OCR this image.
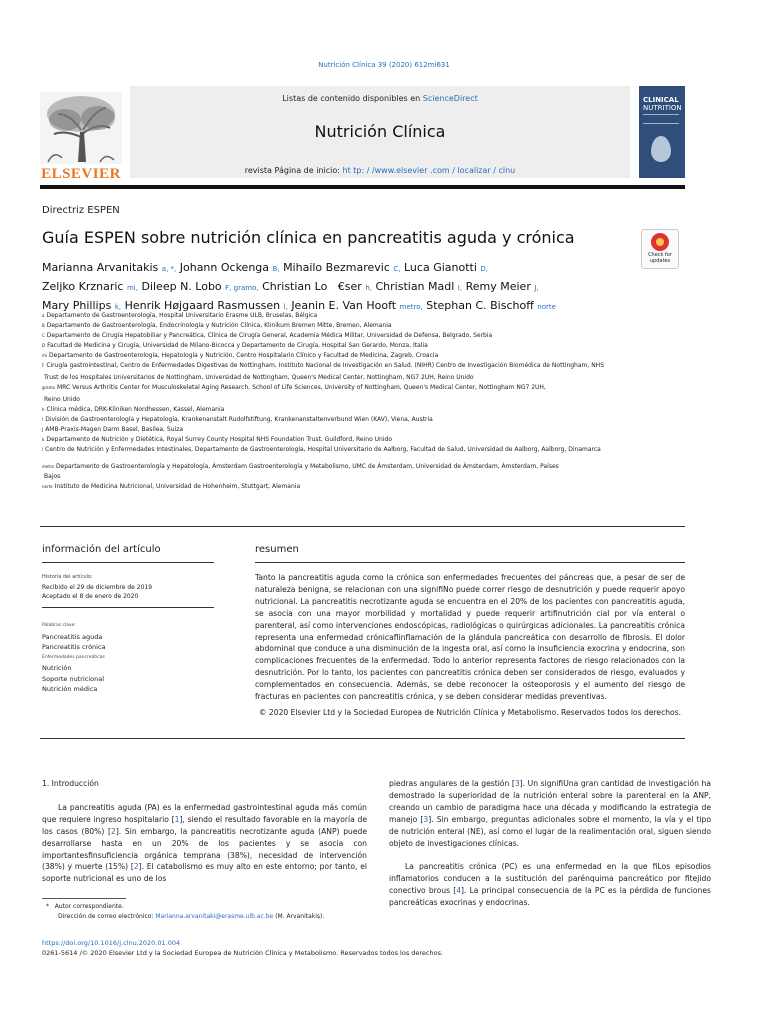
Nutrición Clínica 39 (2020) 612mi631
ELSEVIER
Listas de contenido disponibles en ScienceDirect
Nutrición Clínica
revista Página de inicio: ht tp: / /www.elsevier .com / localizar / clnu
CLINICAL
NUTRITION
Directriz ESPEN
Guía ESPEN sobre nutrición clínica en pancreatitis aguda y crónica
Check for updates
Marianna Arvanitakis a, *, Johann Ockenga B, Mihailo Bezmarevic C, Luca Gianotti D,
Zeljko Krznaric mi, Dileep N. Lobo F, gramo, Christian Lo   €ser h, Christian Madl I, Remy Meier J,
Mary Phillips k, Henrik Højgaard Rasmussen l, Jeanin E. Van Hooft metro, Stephan C. Bischoff norte
a Departamento de Gastroenterología, Hospital Universitario Erasme ULB, Bruselas, Bélgica
B Departamento de Gastroenterología, Endocrinología y Nutrición Clínica, Klinikum Bremen Mitte, Bremen, Alemania
C Departamento de Cirugía Hepatobiliar y Pancreática, Clínica de Cirugía General, Academia Médica Militar, Universidad de Defensa, Belgrado, Serbia
D Facultad de Medicina y Cirugía, Universidad de Milano-Bicocca y Departamento de Cirugía, Hospital San Gerardo, Monza, Italia
mi Departamento de Gastroenterología, Hepatología y Nutrición, Centro Hospitalario Clínico y Facultad de Medicina, Zagreb, Croacia
F Cirugía gastrointestinal, Centro de Enfermedades Digestivas de Nottingham, Instituto Nacional de Investigación en Salud. (NIHR) Centro de Investigación Biomédica de Nottingham, NHS
Trust de los Hospitales Universitarios de Nottingham, Universidad de Nottingham, Queen's Medical Center, Nottingham, NG7 2UH, Reino Unido
gramo MRC Versus Arthritis Center for Musculoskeletal Aging Research, School of Life Sciences, University of Nottingham, Queen's Medical Center, Nottingham NG7 2UH,
Reino Unido
h Clínica médica, DRK-Kliniken Nordhessen, Kassel, Alemania
I División de Gastroenterología y Hepatología, Krankenanstalt Rudolfstiftung, Krankenanstaltenverbund Wien (KAV), Viena, Austria
J AMB-Praxis-Magen Darm Basel, Basilea, Suiza
k Departamento de Nutrición y Dietética, Royal Surrey County Hospital NHS Foundation Trust, Guildford, Reino Unido
l Centro de Nutrición y Enfermedades Intestinales, Departamento de Gastroenterología, Hospital Universitario de Aalborg, Facultad de Salud, Universidad de Aalborg, Aalborg, Dinamarca
metro Departamento de Gastroenterología y Hepatología, Ámsterdam Gastroenterología y Metabolismo, UMC de Ámsterdam, Universidad de Ámsterdam, Ámsterdam, Países
Bajos
norte Instituto de Medicina Nutricional, Universidad de Hohenheim, Stuttgart, Alemania
información del artículo	resumen
Historia del artículo:
Recibido el 29 de diciembre de 2019
Aceptado el 8 de enero de 2020
Palabras clave:
Pancreatitis aguda
Pancreatitis crónica
Enfermedades pancreáticas
Nutrición
Soporte nutricional
Nutrición médica
Tanto la pancreatitis aguda como la crónica son enfermedades frecuentes del páncreas que, a pesar de ser de naturaleza benigna, se relacionan con una signifiNo puede correr riesgo de desnutrición y puede requerir apoyo nutricional. La pancreatitis necrotizante aguda se encuentra en el 20% de los pacientes con pancreatitis aguda, se asocia con una mayor morbilidad y mortalidad y puede requerir artifinutrición cial por vía enteral o parenteral, así como intervenciones endoscópicas, radiológicas o quirúrgicas adicionales. La pancreatitis crónica representa una enfermedad crónicaflinflamación de la glándula pancreática con desarrollo de fibrosis. El dolor abdominal que conduce a una disminución de la ingesta oral, así como la insuficiencia exocrina y endocrina, son complicaciones frecuentes de la enfermedad. Todo lo anterior representa factores de riesgo relacionados con la desnutrición. Por lo tanto, los pacientes con pancreatitis crónica deben ser considerados de riesgo, evaluados y complementados en consecuencia. Además, se debe reconocer la osteoporosis y el aumento del riesgo de fracturas en pacientes con pancreatitis crónica, y se deben considerar medidas preventivas.
© 2020 Elsevier Ltd y la Sociedad Europea de Nutrición Clínica y Metabolismo. Reservados todos los derechos.

1. Introducción

La pancreatitis aguda (PA) es la enfermedad gastrointestinal aguda más común que requiere ingreso hospitalario [1], siendo el resultado favorable en la mayoría de los casos (80%) [2]. Sin embargo, la pancreatitis necrotizante aguda (ANP) puede desarrollarse hasta en un 20% de los pacientes y se asocia con importantesfinsuficiencia orgánica temprana (38%), necesidad de intervención (38%) y muerte (15%) [2]. El catabolismo es muy alto en este entorno; por tanto, el soporte nutricional es uno de los

piedras angulares de la gestión [3]. Un signifiUna gran cantidad de investigación ha demostrado la superioridad de la nutrición enteral sobre la parenteral en la ANP, creando un cambio de paradigma hace una década y modificando la estrategia de manejo [3]. Sin embargo, preguntas adicionales sobre el momento, la vía y el tipo de nutrición enteral (NE), así como el lugar de la realimentación oral, siguen siendo objeto de investigaciones clínicas.

La pancreatitis crónica (PC) es una enfermedad en la que fiLos episodios inflamatorios conducen a la sustitución del parénquima pancreático por fitejido conectivo brous [4]. La principal consecuencia de la PC es la pérdida de funciones pancreáticas exocrinas y endocrinas.

* Autor correspondiente.
Dirección de correo electrónico: Marianna.arvanitaki@erasme.ulb.ac.be (M. Arvanitakis).
https://doi.org/10.1016/j.clnu.2020.01.004
0261-5614 /© 2020 Elsevier Ltd y la Sociedad Europea de Nutrición Clínica y Metabolismo. Reservados todos los derechos.
